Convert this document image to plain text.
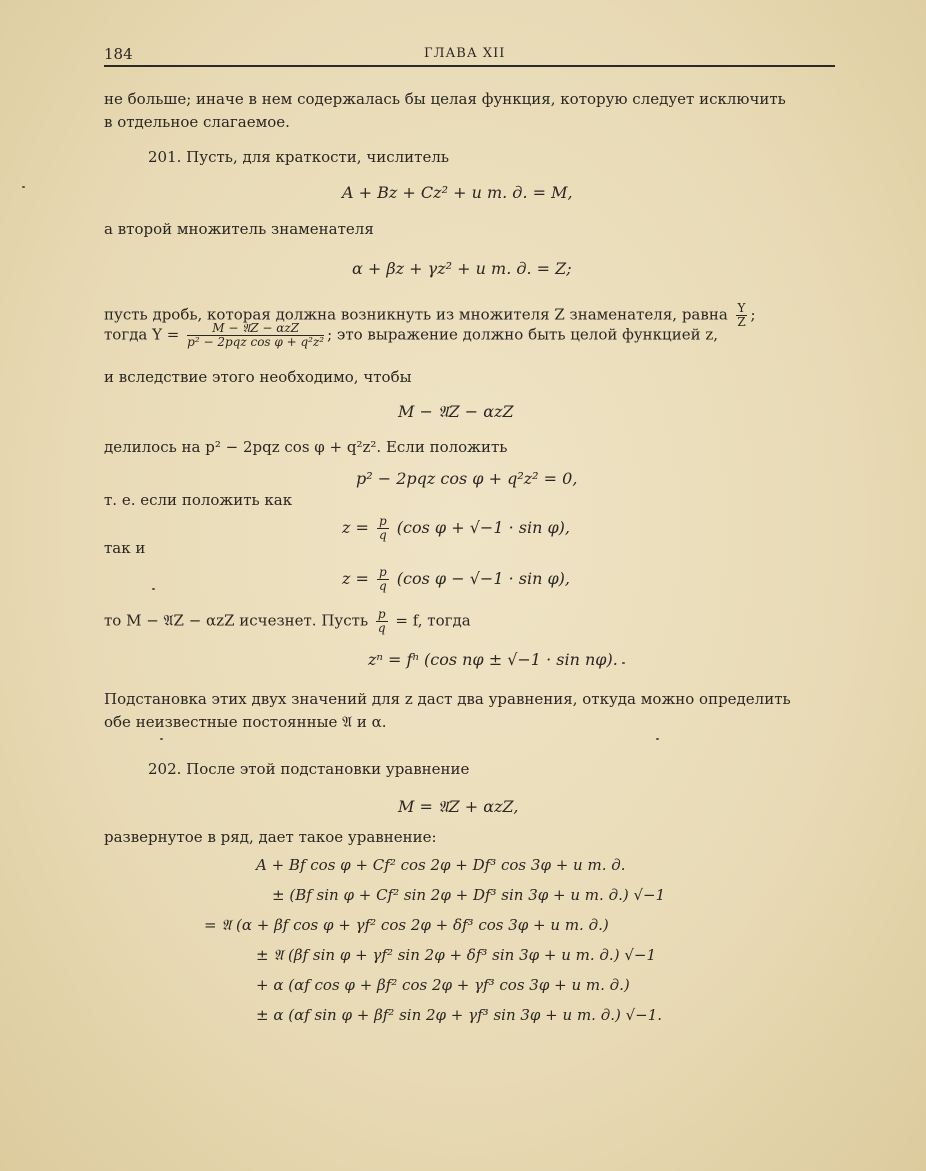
184	ГЛАВА XII
не больше; иначе в нем содержалась бы целая функция, которую следует исключить
в отдельное слагаемое.
201. Пусть, для краткости, числитель
A + Bz + Cz² + и т. д. = M,
а второй множитель знаменателя
α + βz + γz² + и т. д. = Z;
пусть дробь, которая должна возникнуть из множителя Z знаменателя, равна $\frac{Y}{Z}$ ;
тогда $Y = \frac{\text{M − 𝔄Z − αzZ}}{\text{p² − 2pqz cos φ + q²z²}}$ ; это выражение должно быть целой функцией z,
и вследствие этого необходимо, чтобы
M − 𝔄Z − αzZ
делилось на p² − 2pqz cos φ + q²z². Если положить
p² − 2pqz cos φ + q²z² = 0,
т. е. если положить как
$z = \frac{p}{q} (\cos$ φ + √−1 · sin φ),
так и
$z = \frac{p}{q} (\cos$ φ − √−1 · sin φ),
то M − 𝔄Z − αzZ исчезнет. Пусть $\frac{p}{q} = f$, тогда
zⁿ = fⁿ (cos nφ ± √−1 · sin nφ).
Подстановка этих двух значений для z даст два уравнения, откуда можно определить
обе неизвестные постоянные 𝔄 и α.
202. После этой подстановки уравнение
M = 𝔄Z + αzZ,
развернутое в ряд, дает такое уравнение:
A + Bf cos φ + Cf² cos 2φ + Df³ cos 3φ + и т. д.
± (Bf sin φ + Cf² sin 2φ + Df³ sin 3φ + и т. д.) √−1
= 𝔄 (α + βf cos φ + γf² cos 2φ + δf³ cos 3φ + и т. д.)
± 𝔄 (βf sin φ + γf² sin 2φ + δf³ sin 3φ + и т. д.) √−1
+ α (αf cos φ + βf² cos 2φ + γf³ cos 3φ + и т. д.)
± α (αf sin φ + βf² sin 2φ + γf³ sin 3φ + и т. д.) √−1.
